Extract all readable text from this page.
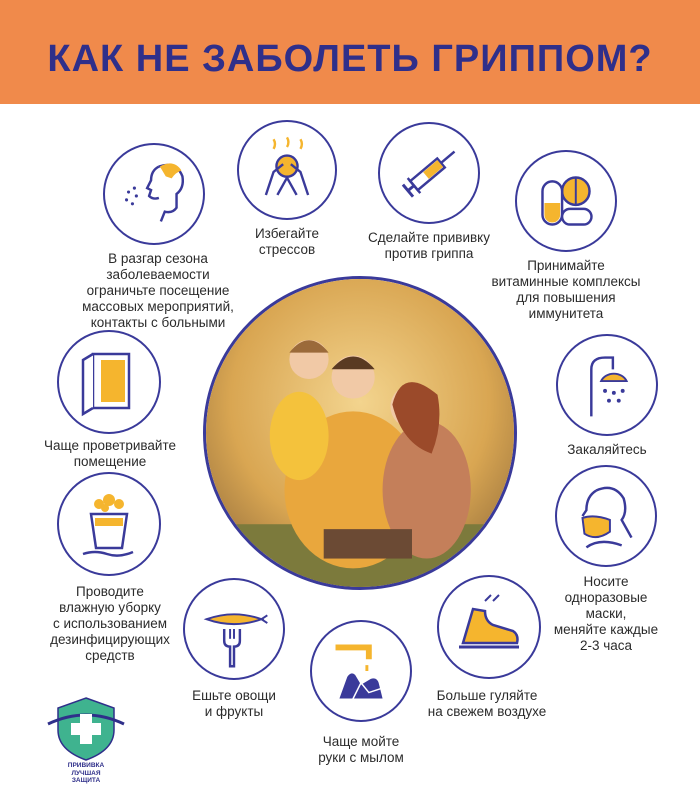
КАК НЕ ЗАБОЛЕТЬ ГРИППОМ?
В разгар сезона
заболеваемости
ограничьте посещение
массовых мероприятий,
контакты с больными
Избегайте
стрессов
Сделайте прививку
против гриппа
Принимайте
витаминные комплексы
для повышения
иммунитета
Чаще проветривайте
помещение
Закаляйтесь
Проводите
влажную уборку
с использованием
дезинфицирующих
средств
Носите
одноразовые
маски,
меняйте каждые
2-3 часа
Ешьте овощи
и фрукты
Чаще мойте
руки с мылом
Больше гуляйте
на свежем воздухе
ПРИВИВКА
ЛУЧШАЯ
ЗАЩИТА
